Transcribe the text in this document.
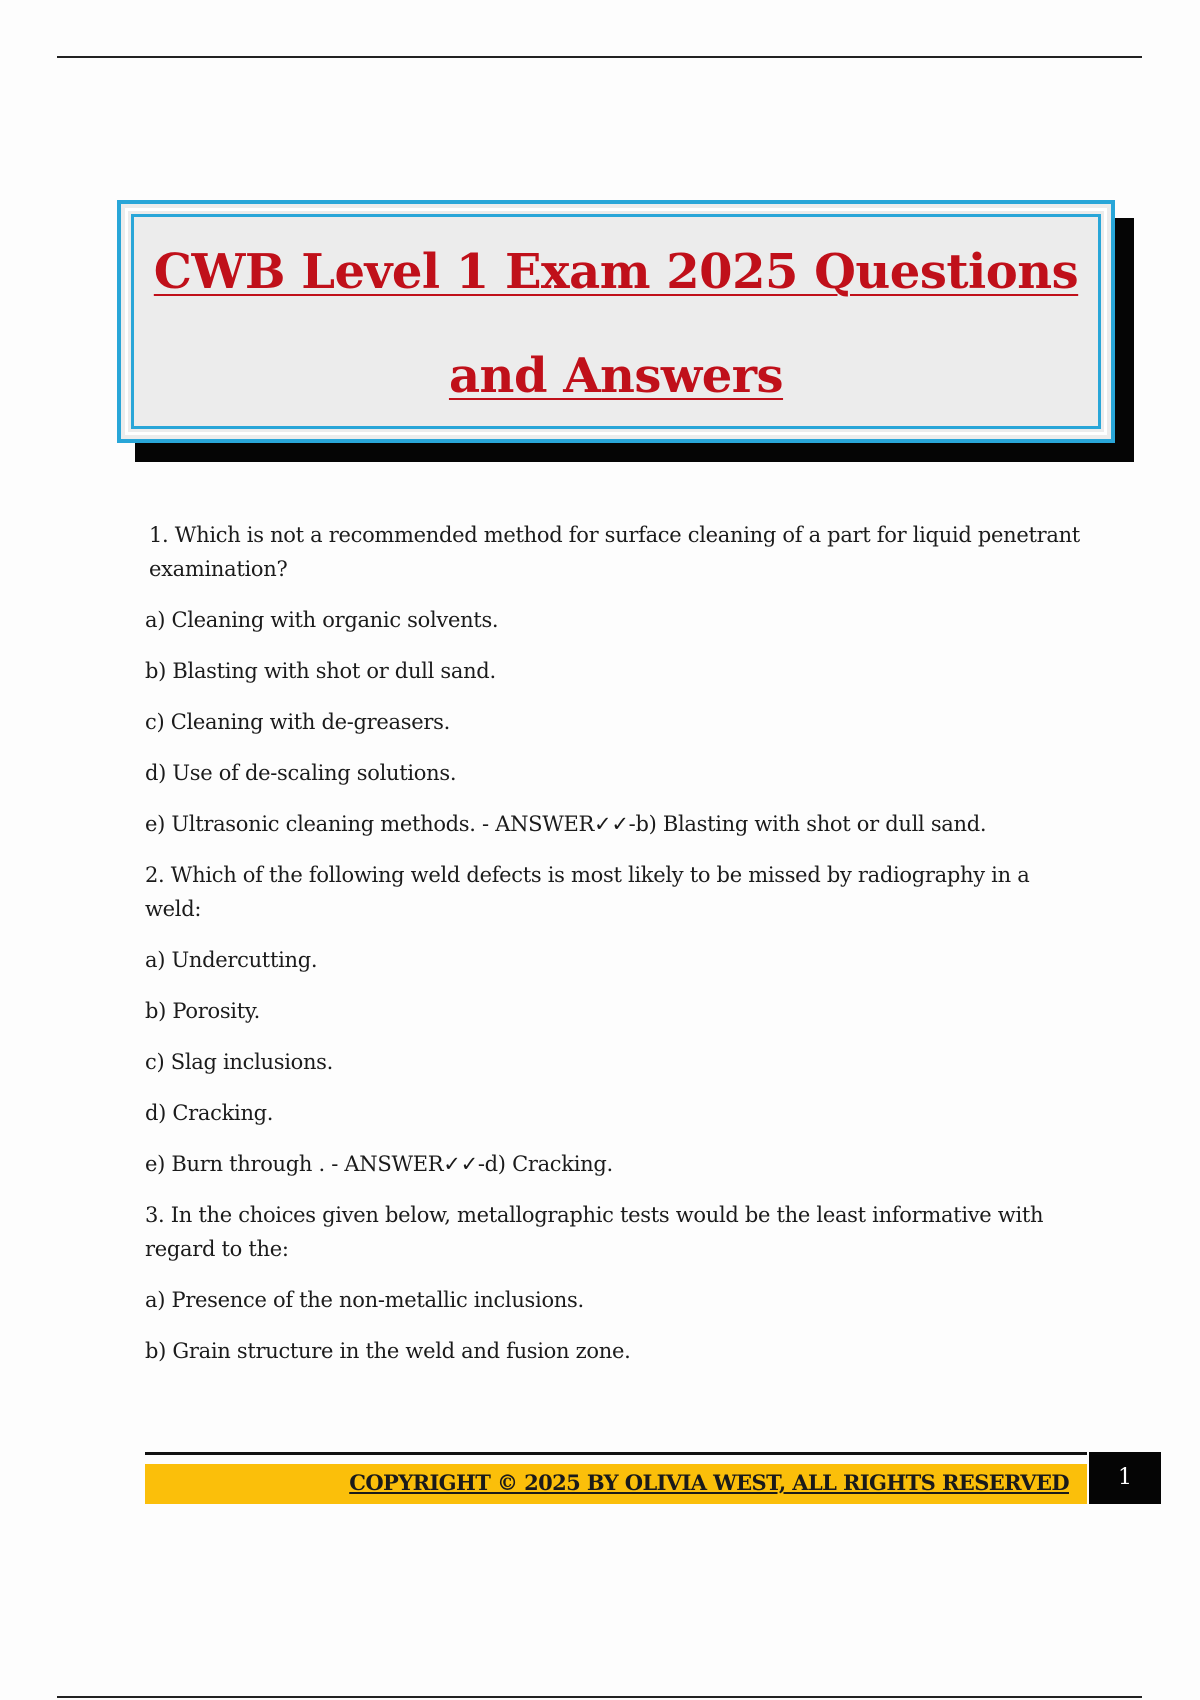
CWB Level 1 Exam 2025 Questions
and Answers

1. Which is not a recommended method for surface cleaning of a part for liquid penetrant examination?

a) Cleaning with organic solvents.

b) Blasting with shot or dull sand.

c) Cleaning with de-greasers.

d) Use of de-scaling solutions.

e) Ultrasonic cleaning methods. - ANSWER✓✓-b) Blasting with shot or dull sand.

2. Which of the following weld defects is most likely to be missed by radiography in a weld:

a) Undercutting.

b) Porosity.

c) Slag inclusions.

d) Cracking.

e) Burn through . - ANSWER✓✓-d) Cracking.

3. In the choices given below, metallographic tests would be the least informative with regard to the:

a) Presence of the non-metallic inclusions.

b) Grain structure in the weld and fusion zone.

COPYRIGHT © 2025 BY OLIVIA WEST, ALL RIGHTS RESERVED	1
